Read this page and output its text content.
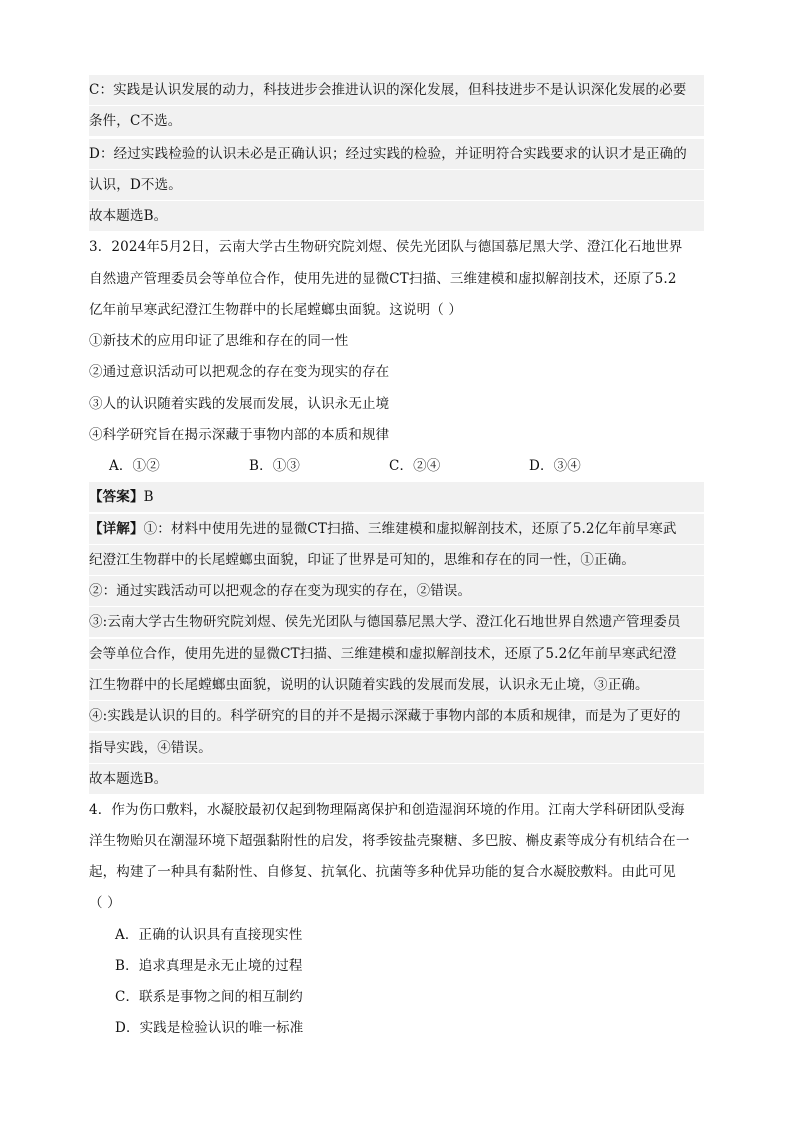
C：实践是认识发展的动力，科技进步会推进认识的深化发展，但科技进步不是认识深化发展的必要
条件，C不选。
D：经过实践检验的认识未必是正确认识；经过实践的检验，并证明符合实践要求的认识才是正确的
认识，D不选。
故本题选B。
3．2024年5月2日，云南大学古生物研究院刘煜、侯先光团队与德国慕尼黑大学、澄江化石地世界
自然遗产管理委员会等单位合作，使用先进的显微CT扫描、三维建模和虚拟解剖技术，还原了5.2
亿年前早寒武纪澄江生物群中的长尾螳螂虫面貌。这说明（ ）
①新技术的应用印证了思维和存在的同一性
②通过意识活动可以把观念的存在变为现实的存在
③人的认识随着实践的发展而发展，认识永无止境
④科学研究旨在揭示深藏于事物内部的本质和规律
A．①②	B．①③	C．②④	D．③④
【答案】B
【详解】①：材料中使用先进的显微CT扫描、三维建模和虚拟解剖技术，还原了5.2亿年前早寒武
纪澄江生物群中的长尾螳螂虫面貌，印证了世界是可知的，思维和存在的同一性，①正确。
②：通过实践活动可以把观念的存在变为现实的存在，②错误。
③:云南大学古生物研究院刘煜、侯先光团队与德国慕尼黑大学、澄江化石地世界自然遗产管理委员
会等单位合作，使用先进的显微CT扫描、三维建模和虚拟解剖技术，还原了5.2亿年前早寒武纪澄
江生物群中的长尾螳螂虫面貌，说明的认识随着实践的发展而发展，认识永无止境，③正确。
④:实践是认识的目的。科学研究的目的并不是揭示深藏于事物内部的本质和规律，而是为了更好的
指导实践，④错误。
故本题选B。
4．作为伤口敷料，水凝胶最初仅起到物理隔离保护和创造湿润环境的作用。江南大学科研团队受海
洋生物贻贝在潮湿环境下超强黏附性的启发，将季铵盐壳聚糖、多巴胺、槲皮素等成分有机结合在一
起，构建了一种具有黏附性、自修复、抗氧化、抗菌等多种优异功能的复合水凝胶敷料。由此可见
（ ）
A．正确的认识具有直接现实性
B．追求真理是永无止境的过程
C．联系是事物之间的相互制约
D．实践是检验认识的唯一标准
